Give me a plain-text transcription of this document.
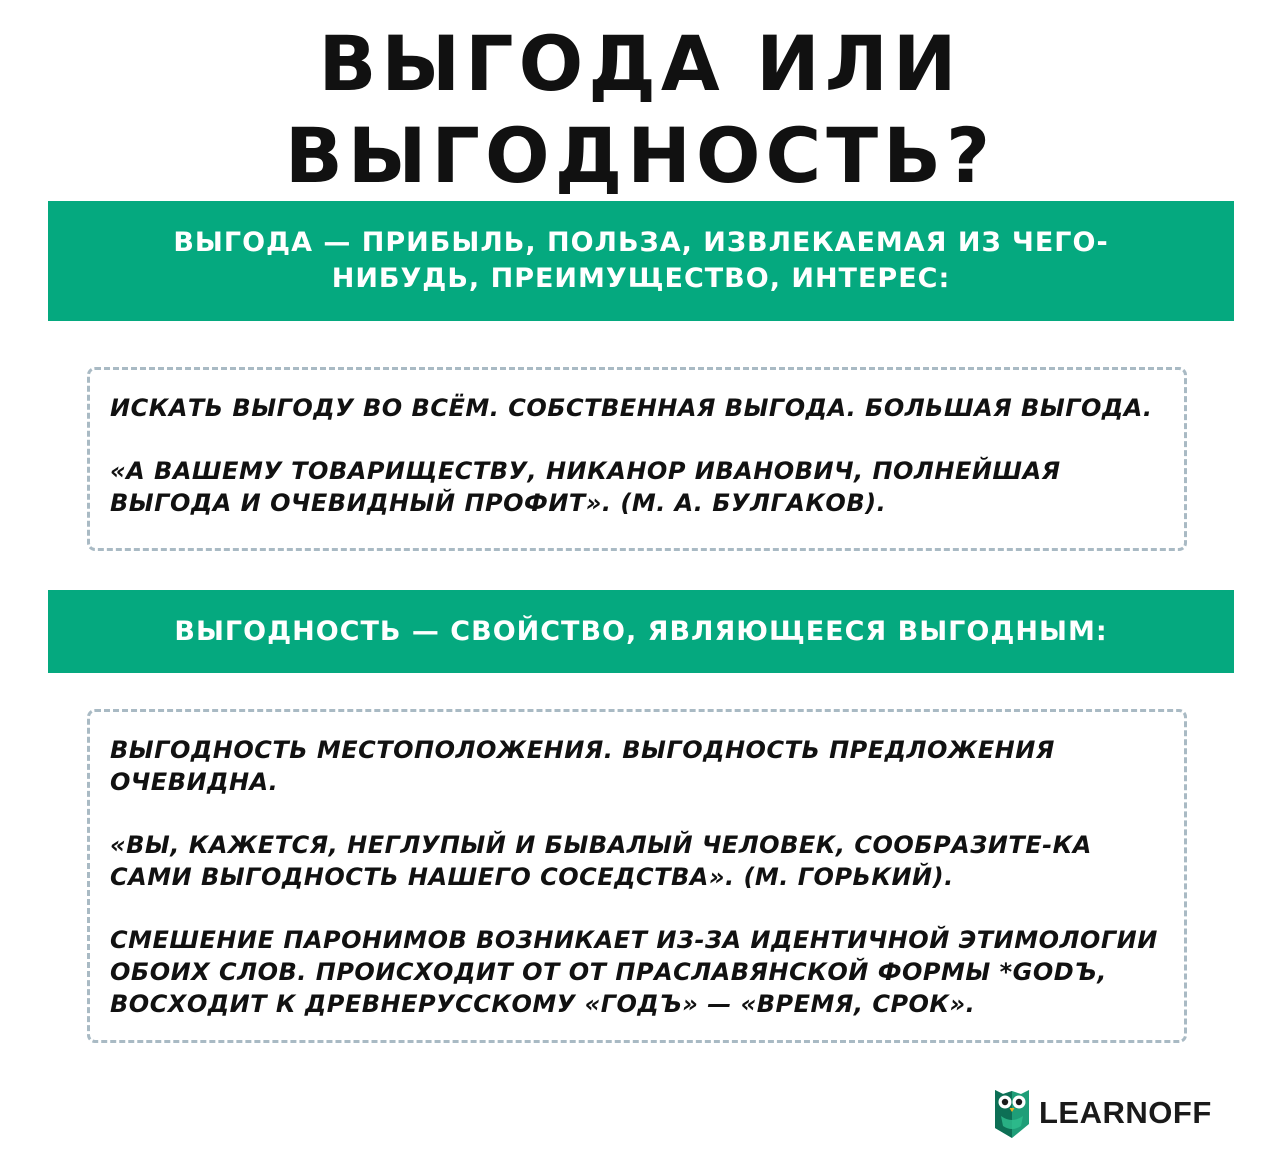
ВЫГОДА ИЛИ
ВЫГОДНОСТЬ?
ВЫГОДА — ПРИБЫЛЬ, ПОЛЬЗА, ИЗВЛЕКАЕМАЯ ИЗ ЧЕГО-НИБУДЬ, ПРЕИМУЩЕСТВО, ИНТЕРЕС:

ИСКАТЬ ВЫГОДУ ВО ВСЁМ. СОБСТВЕННАЯ ВЫГОДА. БОЛЬШАЯ ВЫГОДА.

«А ВАШЕМУ ТОВАРИЩЕСТВУ, НИКАНОР ИВАНОВИЧ, ПОЛНЕЙШАЯ ВЫГОДА И ОЧЕВИДНЫЙ ПРОФИТ». (М. А. БУЛГАКОВ).

ВЫГОДНОСТЬ — СВОЙСТВО, ЯВЛЯЮЩЕЕСЯ ВЫГОДНЫМ:

ВЫГОДНОСТЬ МЕСТОПОЛОЖЕНИЯ. ВЫГОДНОСТЬ ПРЕДЛОЖЕНИЯ ОЧЕВИДНА.

«ВЫ, КАЖЕТСЯ, НЕГЛУПЫЙ И БЫВАЛЫЙ ЧЕЛОВЕК, СООБРАЗИТЕ-КА САМИ ВЫГОДНОСТЬ НАШЕГО СОСЕДСТВА». (М. ГОРЬКИЙ).

СМЕШЕНИЕ ПАРОНИМОВ ВОЗНИКАЕТ ИЗ-ЗА ИДЕНТИЧНОЙ ЭТИМОЛОГИИ ОБОИХ СЛОВ. ПРОИСХОДИТ ОТ ОТ ПРАСЛАВЯНСКОЙ ФОРМЫ *GODЪ, ВОСХОДИТ К ДРЕВНЕРУССКОМУ «ГОДЪ» — «ВРЕМЯ, СРОК».

LEARNOFF
